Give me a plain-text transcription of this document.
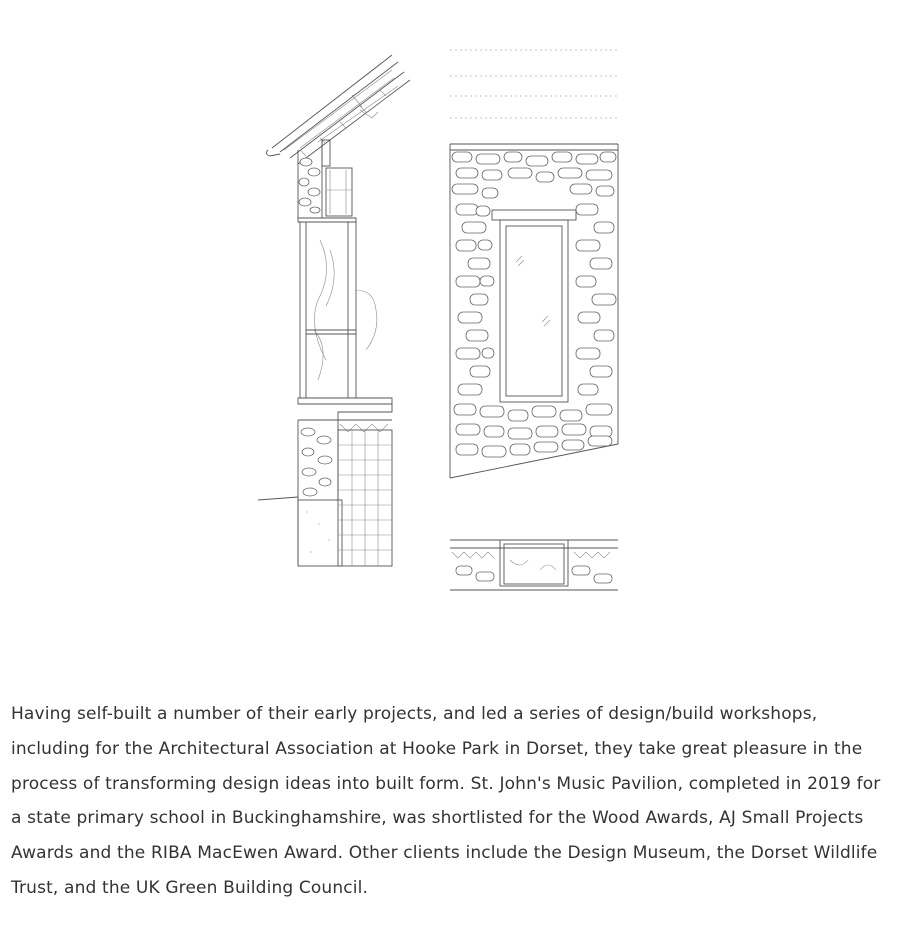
Having self-built a number of their early projects, and led a series of design/build workshops, including for the Architectural Association at Hooke Park in Dorset, they take great pleasure in the process of transforming design ideas into built form. St. John's Music Pavilion, completed in 2019 for a state primary school in Buckinghamshire, was shortlisted for the Wood Awards, AJ Small Projects Awards and the RIBA MacEwen Award. Other clients include the Design Museum, the Dorset Wildlife Trust, and the UK Green Building Council.
